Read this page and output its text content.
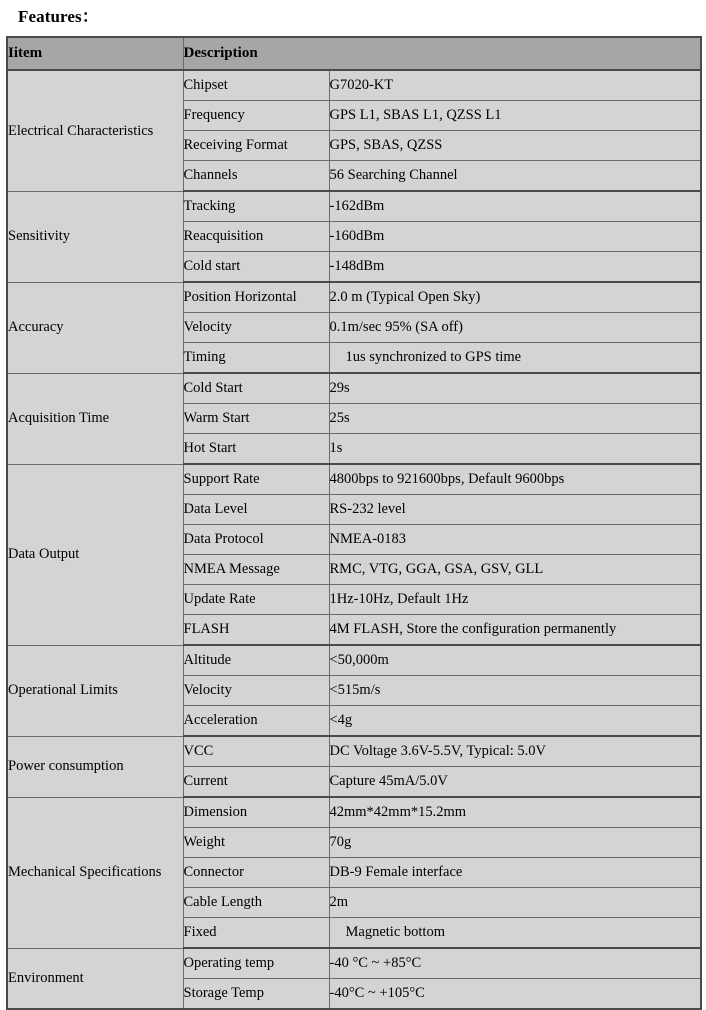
Features：
Iitem	Description	
Electrical Characteristics	Chipset	G7020-KT
	Frequency	GPS L1, SBAS L1, QZSS L1
	Receiving Format	GPS, SBAS, QZSS
	Channels	56 Searching Channel
Sensitivity	Tracking	-162dBm
	Reacquisition	-160dBm
	Cold start	-148dBm
Accuracy	Position Horizontal	2.0 m (Typical Open Sky)
	Velocity	0.1m/sec 95% (SA off)
	Timing	1us synchronized to GPS time
Acquisition Time	Cold Start	29s
	Warm Start	25s
	Hot Start	1s
Data Output	Support Rate	4800bps to 921600bps, Default 9600bps
	Data Level	RS-232 level
	Data Protocol	NMEA-0183
	NMEA Message	RMC, VTG, GGA, GSA, GSV, GLL
	Update Rate	1Hz-10Hz, Default 1Hz
	FLASH	4M FLASH, Store the configuration permanently
Operational Limits	Altitude	<50,000m
	Velocity	<515m/s
	Acceleration	<4g
Power consumption	VCC	DC Voltage 3.6V-5.5V, Typical: 5.0V
	Current	Capture 45mA/5.0V
Mechanical Specifications	Dimension	42mm*42mm*15.2mm
	Weight	70g
	Connector	DB-9 Female interface
	Cable Length	2m
	Fixed	Magnetic bottom
Environment	Operating temp	-40 °C ~ +85°C
	Storage Temp	-40°C ~ +105°C
